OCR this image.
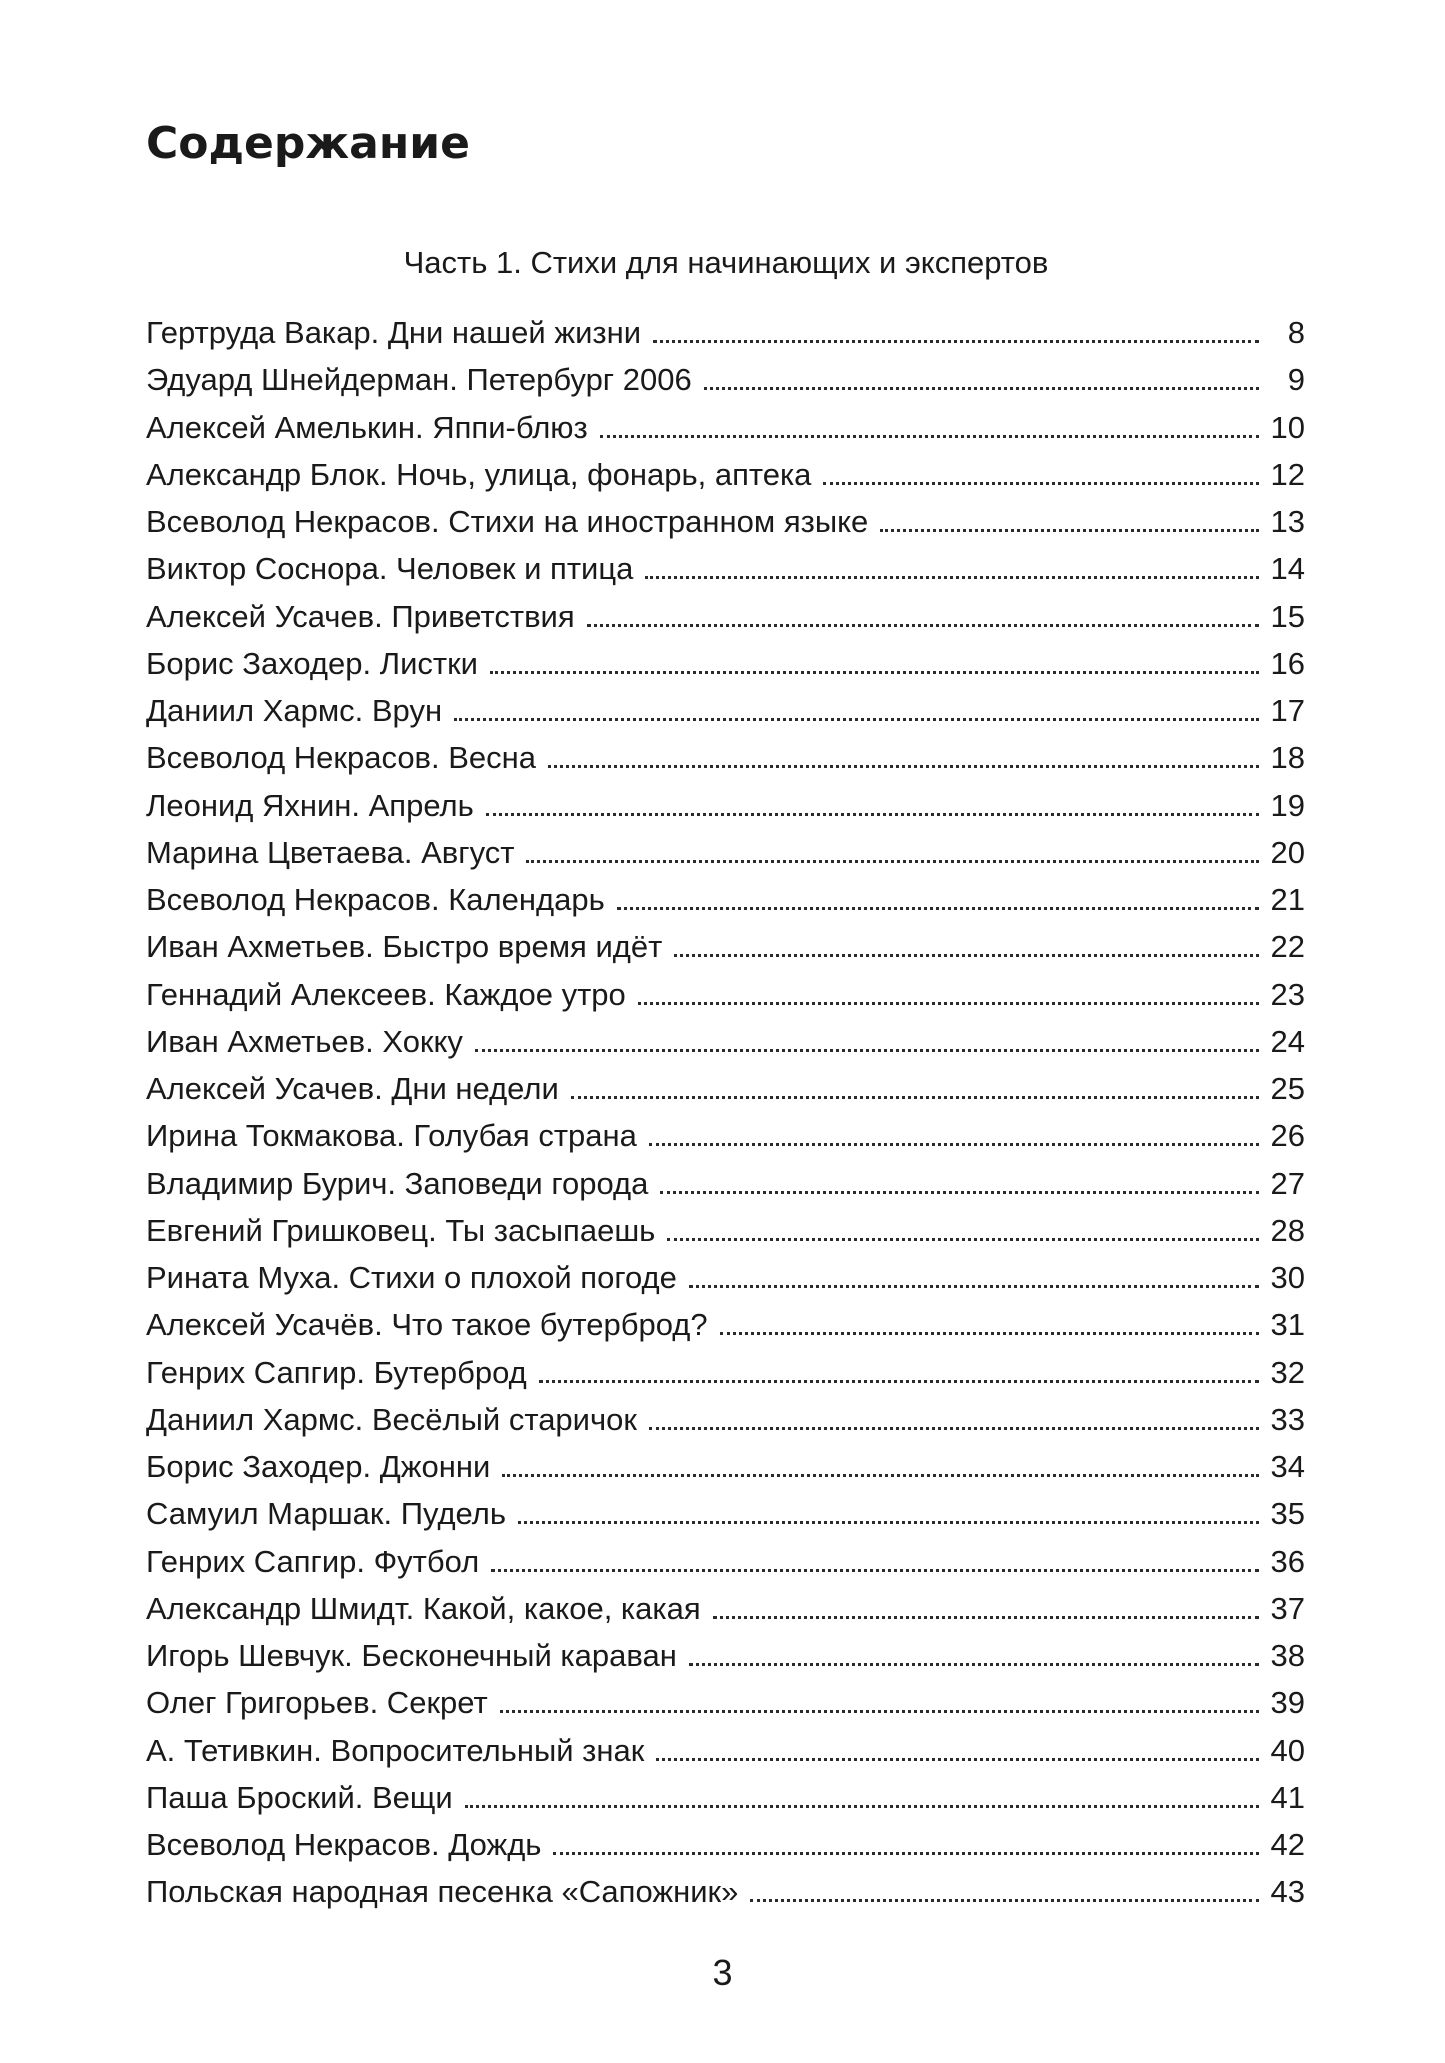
Содержание
Часть 1. Стихи для начинающих и экспертов
Гертруда Вакар. Дни нашей жизни	8
Эдуард Шнейдерман. Петербург 2006	9
Алексей Амелькин. Яппи-блюз	10
Александр Блок. Ночь, улица, фонарь, аптека	12
Всеволод Некрасов. Стихи на иностранном языке	13
Виктор Соснора. Человек и птица	14
Алексей Усачев. Приветствия	15
Борис Заходер. Листки	16
Даниил Хармс. Врун	17
Всеволод Некрасов. Весна	18
Леонид Яхнин. Апрель	19
Марина Цветаева. Август	20
Всеволод Некрасов. Календарь	21
Иван Ахметьев. Быстро время идёт	22
Геннадий Алексеев. Каждое утро	23
Иван Ахметьев. Хокку	24
Алексей Усачев. Дни недели	25
Ирина Токмакова. Голубая страна	26
Владимир Бурич. Заповеди города	27
Евгений Гришковец. Ты засыпаешь	28
Рината Муха. Стихи о плохой погоде	30
Алексей Усачёв. Что такое бутерброд?	31
Генрих Сапгир. Бутерброд	32
Даниил Хармс. Весёлый старичок	33
Борис Заходер. Джонни	34
Самуил Маршак. Пудель	35
Генрих Сапгир. Футбол	36
Александр Шмидт. Какой, какое, какая	37
Игорь Шевчук. Бесконечный караван	38
Олег Григорьев. Секрет	39
А. Тетивкин. Вопросительный знак	40
Паша Броский. Вещи	41
Всеволод Некрасов. Дождь	42
Польская народная песенка «Сапожник»	43
3
